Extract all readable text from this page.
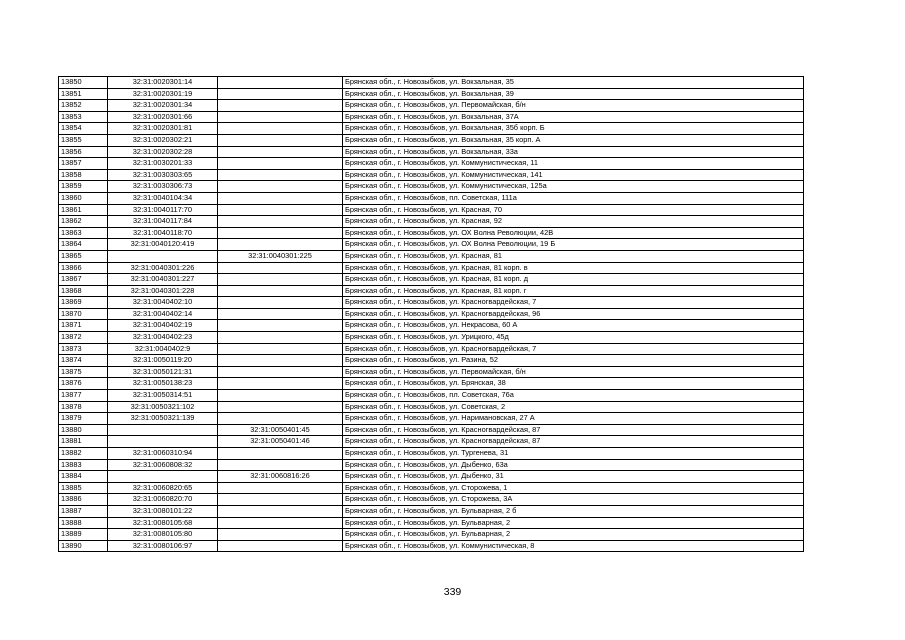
13850	32:31:0020301:14		Брянская обл., г. Новозыбков, ул. Вокзальная, 35
13851	32:31:0020301:19		Брянская обл., г. Новозыбков, ул. Вокзальная, 39
13852	32:31:0020301:34		Брянская обл., г. Новозыбков, ул. Первомайская, б/н
13853	32:31:0020301:66		Брянская обл., г. Новозыбков, ул. Вокзальная, 37А
13854	32:31:0020301:81		Брянская обл., г. Новозыбков, ул. Вокзальная, 35б корп. Б
13855	32:31:0020302:21		Брянская обл., г. Новозыбков, ул. Вокзальная, 35 корп. А
13856	32:31:0020302:28		Брянская обл., г. Новозыбков, ул. Вокзальная, 33а
13857	32:31:0030201:33		Брянская обл., г. Новозыбков, ул. Коммунистическая, 11
13858	32:31:0030303:65		Брянская обл., г. Новозыбков, ул. Коммунистическая, 141
13859	32:31:0030306:73		Брянская обл., г. Новозыбков, ул. Коммунистическая, 125а
13860	32:31:0040104:34		Брянская обл., г. Новозыбков, пл. Советская, 111а
13861	32:31:0040117:70		Брянская обл., г. Новозыбков, ул. Красная, 70
13862	32:31:0040117:84		Брянская обл., г. Новозыбков, ул. Красная, 92
13863	32:31:0040118:70		Брянская обл., г. Новозыбков, ул. ОХ Волна Революции, 42В
13864	32:31:0040120:419		Брянская обл., г. Новозыбков, ул. ОХ Волна Революции, 19 Б
13865		32:31:0040301:225	Брянская обл., г. Новозыбков, ул. Красная, 81
13866	32:31:0040301:226		Брянская обл., г. Новозыбков, ул. Красная, 81 корп. в
13867	32:31:0040301:227		Брянская обл., г. Новозыбков, ул. Красная, 81 корп. д
13868	32:31:0040301:228		Брянская обл., г. Новозыбков, ул. Красная, 81 корп. г
13869	32:31:0040402:10		Брянская обл., г. Новозыбков, ул. Красногвардейская, 7
13870	32:31:0040402:14		Брянская обл., г. Новозыбков, ул. Красногвардейская, 96
13871	32:31:0040402:19		Брянская обл., г. Новозыбков, ул. Некрасова, 60 А
13872	32:31:0040402:23		Брянская обл., г. Новозыбков, ул. Урицкого, 45д
13873	32:31:0040402:9		Брянская обл., г. Новозыбков, ул. Красногвардейская, 7
13874	32:31:0050119:20		Брянская обл., г. Новозыбков, ул. Разина, 52
13875	32:31:0050121:31		Брянская обл., г. Новозыбков, ул. Первомайская, б/н
13876	32:31:0050138:23		Брянская обл., г. Новозыбков, ул. Брянская, 38
13877	32:31:0050314:51		Брянская обл., г. Новозыбков, пл. Советская, 76а
13878	32:31:0050321:102		Брянская обл., г. Новозыбков, ул. Советская, 2
13879	32:31:0050321:139		Брянская обл., г. Новозыбков, ул. Наримановская, 27 А
13880		32:31:0050401:45	Брянская обл., г. Новозыбков, ул. Красногвардейская, 87
13881		32:31:0050401:46	Брянская обл., г. Новозыбков, ул. Красногвардейская, 87
13882	32:31:0060310:94		Брянская обл., г. Новозыбков, ул. Тургенева, 31
13883	32:31:0060808:32		Брянская обл., г. Новозыбков, ул. Дыбенко, 63а
13884		32:31:0060816:26	Брянская обл., г. Новозыбков, ул. Дыбенко, 31
13885	32:31:0060820:65		Брянская обл., г. Новозыбков, ул. Сторожева, 1
13886	32:31:0060820:70		Брянская обл., г. Новозыбков, ул. Сторожева, 3А
13887	32:31:0080101:22		Брянская обл., г. Новозыбков, ул. Бульварная, 2 б
13888	32:31:0080105:68		Брянская обл., г. Новозыбков, ул. Бульварная, 2
13889	32:31:0080105:80		Брянская обл., г. Новозыбков, ул. Бульварная, 2
13890	32:31:0080106:97		Брянская обл., г. Новозыбков, ул. Коммунистическая, 8
339
